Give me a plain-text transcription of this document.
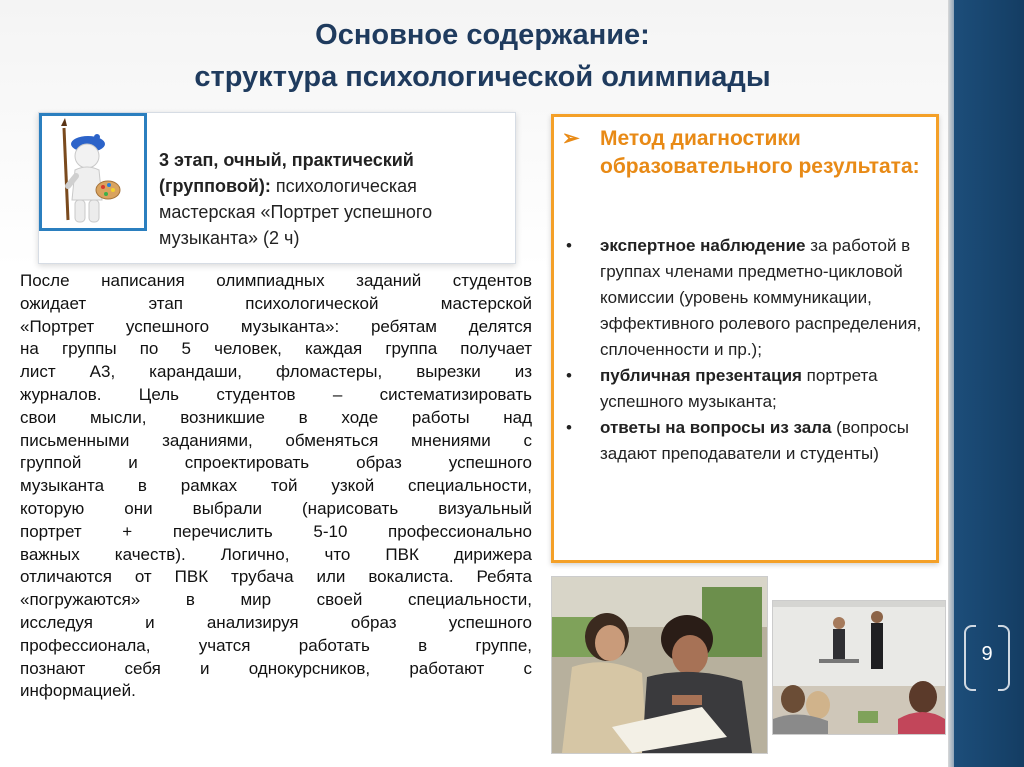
9
Основное содержание:
структура психологической олимпиады
3 этап, очный, практический (групповой): психологическая мастерская «Портрет успешного музыканта» (2 ч)
После написания олимпиадных заданий студентов
ожидает этап психологической мастерской
«Портрет успешного музыканта»: ребятам делятся
на группы по 5 человек, каждая группа получает
лист А3, карандаши, фломастеры, вырезки из
журналов. Цель студентов – систематизировать
свои мысли, возникшие в ходе работы над
письменными заданиями, обменяться мнениями с
группой и спроектировать образ успешного
музыканта в рамках той узкой специальности,
которую они выбрали (нарисовать визуальный
портрет + перечислить 5-10 профессионально
важных качеств). Логично, что ПВК дирижера
отличаются от ПВК трубача или вокалиста. Ребята
«погружаются» в мир своей специальности,
исследуя и анализируя образ успешного
профессионала, учатся работать в группе,
познают себя и однокурсников, работают с
информацией.
➢ Метод диагностики образовательного результата:
• экспертное наблюдение за работой в группах членами предметно-цикловой комиссии (уровень коммуникации, эффективного ролевого распределения, сплоченности и пр.);
• публичная презентация портрета успешного музыканта;
• ответы на вопросы из зала (вопросы задают преподаватели и студенты)
